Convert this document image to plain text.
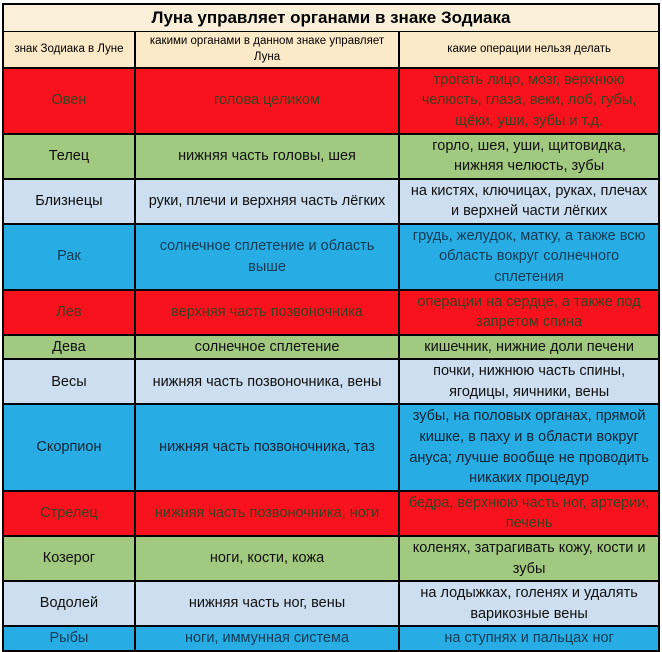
Луна управляет органами в знаке Зодиака		
знак Зодиака в Луне	какими органами в данном знаке управляет Луна	какие операции нельзя делать
Овен	голова целиком	трогать лицо, мозг, верхнюю челюсть, глаза, веки, лоб, губы, щёки, уши, зубы и т.д.
Телец	нижняя часть головы, шея	горло, шея, уши, щитовидка, нижняя челюсть, зубы
Близнецы	руки, плечи и верхняя часть лёгких	на кистях, ключицах, руках, плечах и верхней части лёгких
Рак	солнечное сплетение и область выше	грудь, желудок, матку, а также всю область вокруг солнечного сплетения
Лев	верхняя часть позвоночника	операции на сердце, а также под запретом спина
Дева	солнечное сплетение	кишечник, нижние доли печени
Весы	нижняя часть позвоночника, вены	почки, нижнюю часть спины, ягодицы, яичники, вены
Скорпион	нижняя часть позвоночника, таз	зубы, на половых органах, прямой кишке, в паху и в области вокруг ануса; лучше вообще не проводить никаких процедур
Стрелец	нижняя часть позвоночника, ноги	бедра, верхнюю часть ног, артерии, печень
Козерог	ноги, кости, кожа	коленях, затрагивать кожу, кости и зубы
Водолей	нижняя часть ног, вены	на лодыжках, голенях и удалять варикозные вены
Рыбы	ноги, иммунная система	на ступнях и пальцах ног
